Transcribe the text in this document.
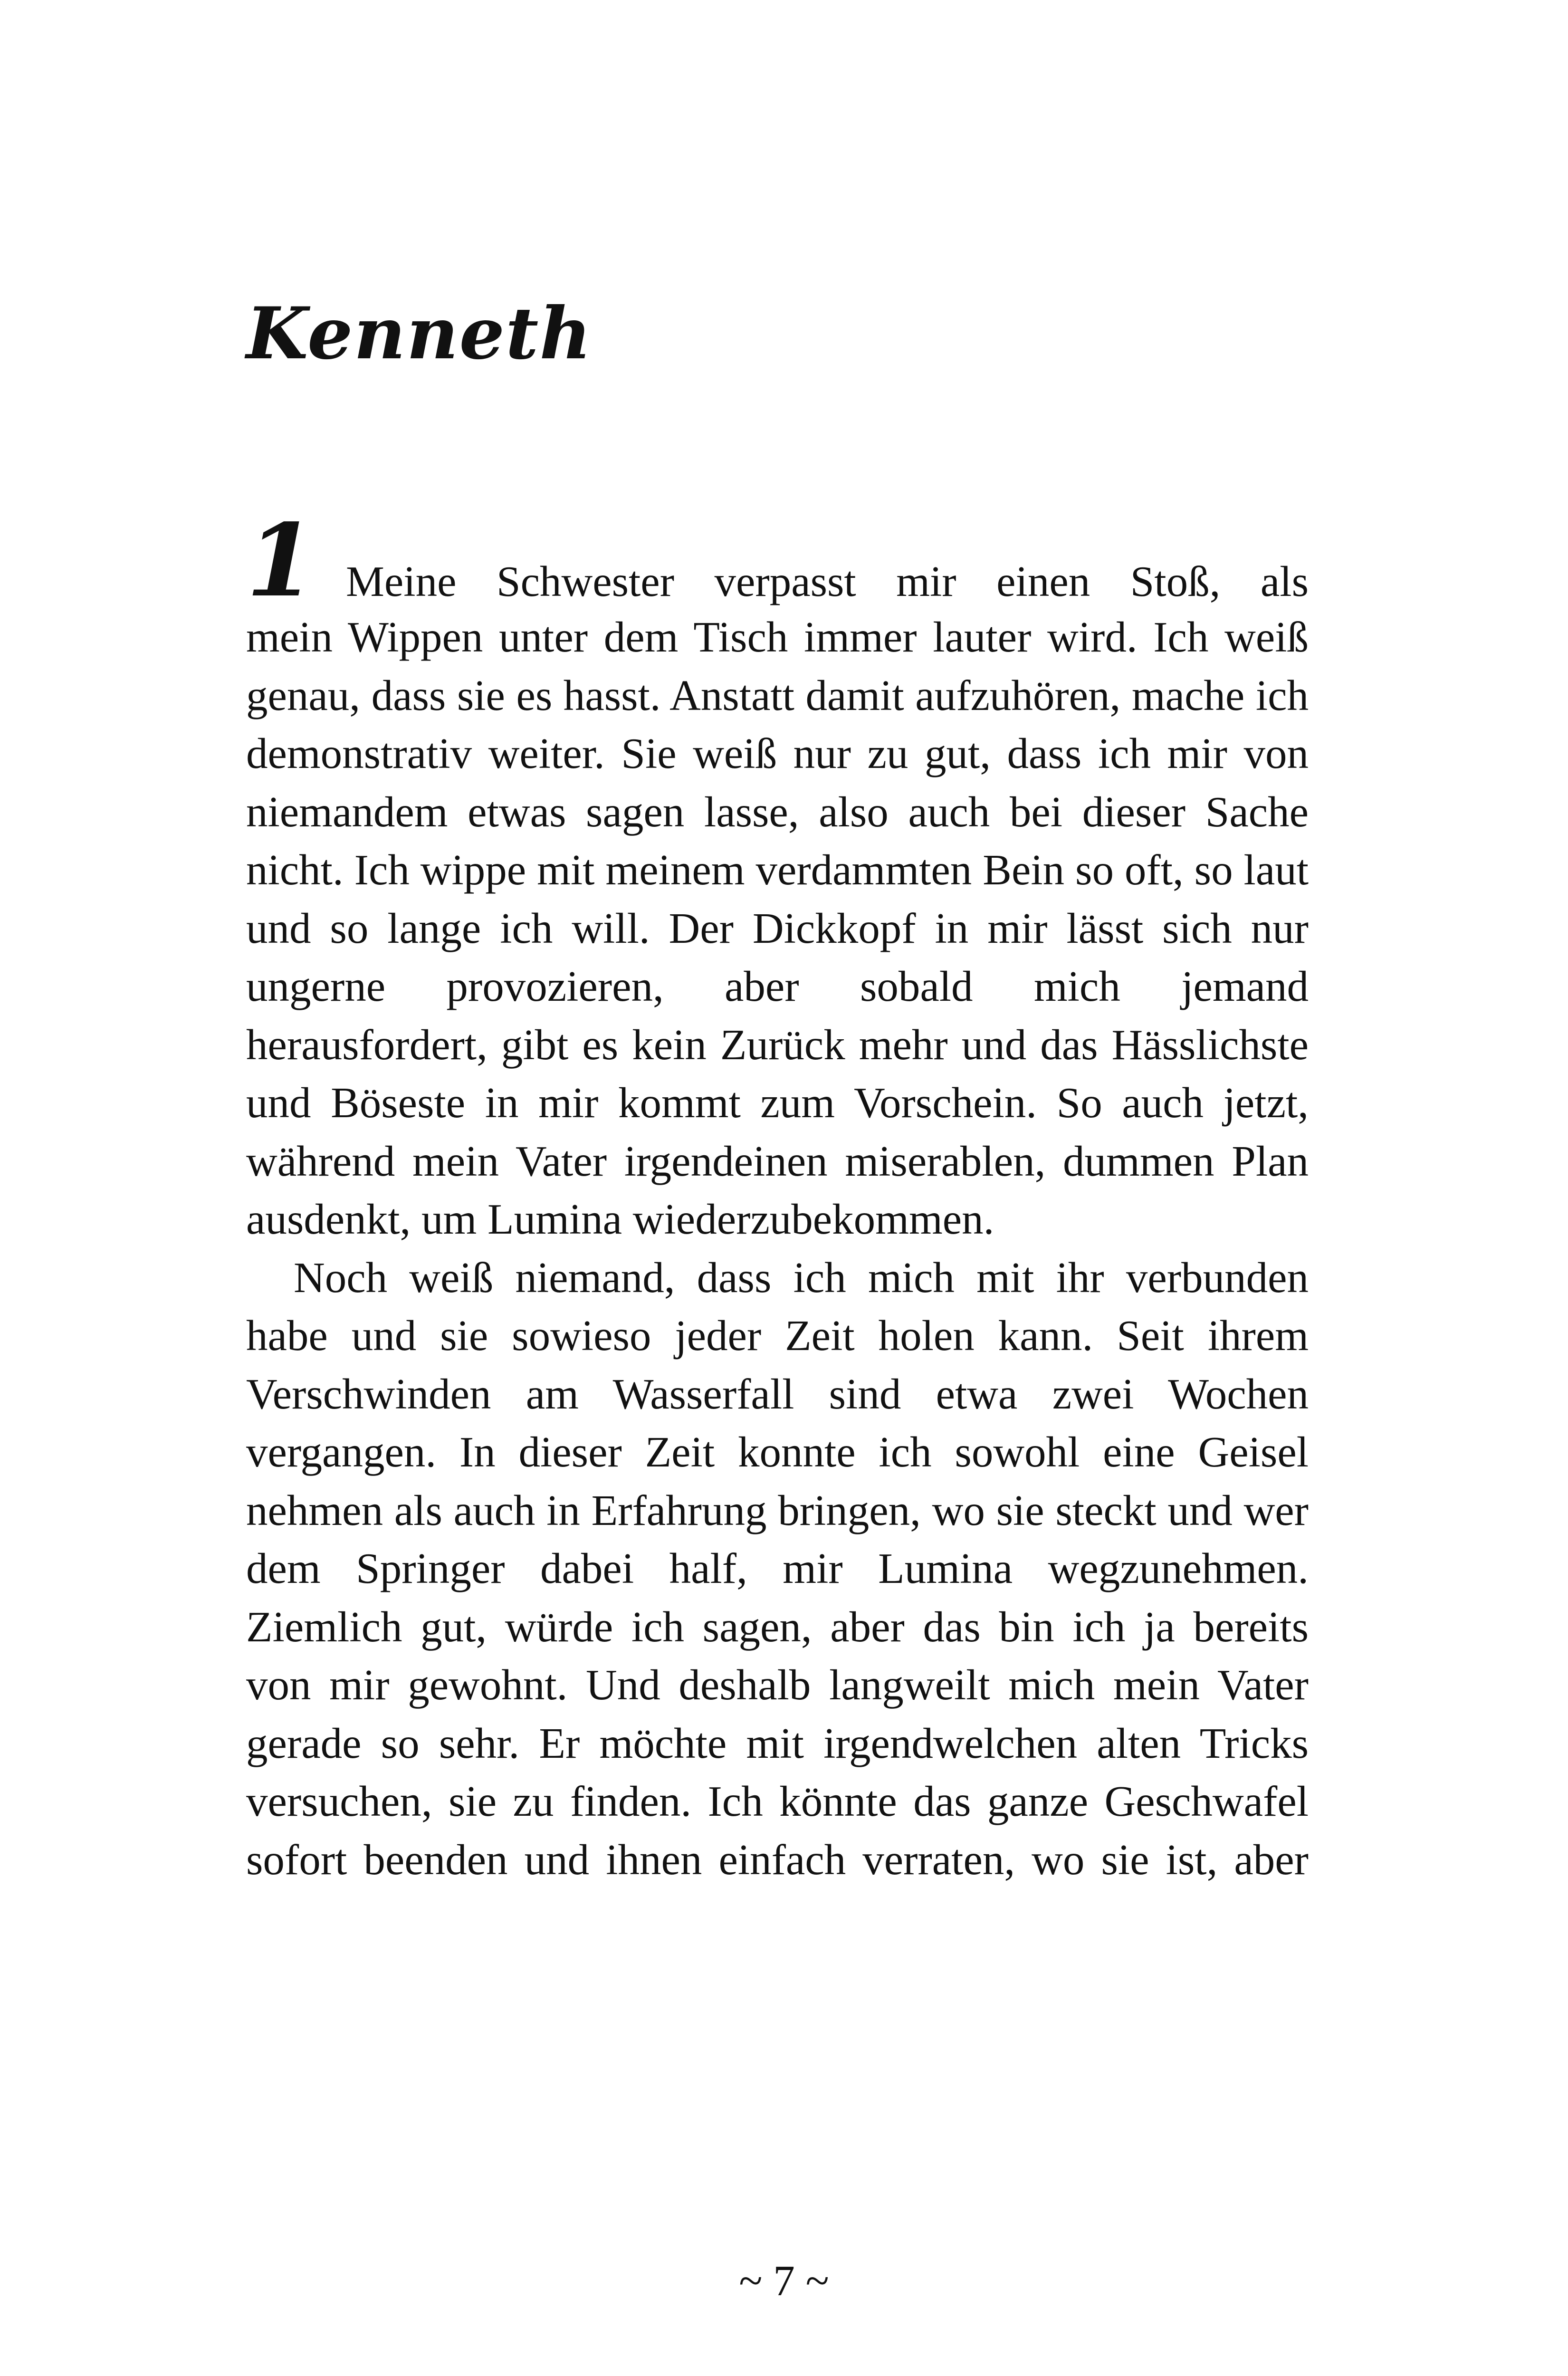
Kenneth
1 Meine Schwester verpasst mir einen Stoß, als

mein Wippen unter dem Tisch immer lauter wird. Ich weiß genau, dass sie es hasst. Anstatt damit aufzuhören, mache ich demonstrativ weiter. Sie weiß nur zu gut, dass ich mir von niemandem etwas sagen lasse, also auch bei dieser Sache nicht. Ich wippe mit meinem verdammten Bein so oft, so laut und so lange ich will. Der Dickkopf in mir lässt sich nur ungerne provozieren, aber sobald mich jemand herausfordert, gibt es kein Zurück mehr und das Hässlichste und Böseste in mir kommt zum Vorschein. So auch jetzt, während mein Vater irgendeinen miserablen, dummen Plan ausdenkt, um Lumina wiederzubekommen.

Noch weiß niemand, dass ich mich mit ihr verbunden habe und sie sowieso jeder Zeit holen kann. Seit ihrem Verschwinden am Wasserfall sind etwa zwei Wochen vergangen. In dieser Zeit konnte ich sowohl eine Geisel nehmen als auch in Erfahrung bringen, wo sie steckt und wer dem Springer dabei half, mir Lumina wegzunehmen. Ziemlich gut, würde ich sagen, aber das bin ich ja bereits von mir gewohnt. Und deshalb langweilt mich mein Vater gerade so sehr. Er möchte mit irgendwelchen alten Tricks versuchen, sie zu finden. Ich könnte das ganze Geschwafel sofort beenden und ihnen einfach verraten, wo sie ist, aber

~ 7 ~
